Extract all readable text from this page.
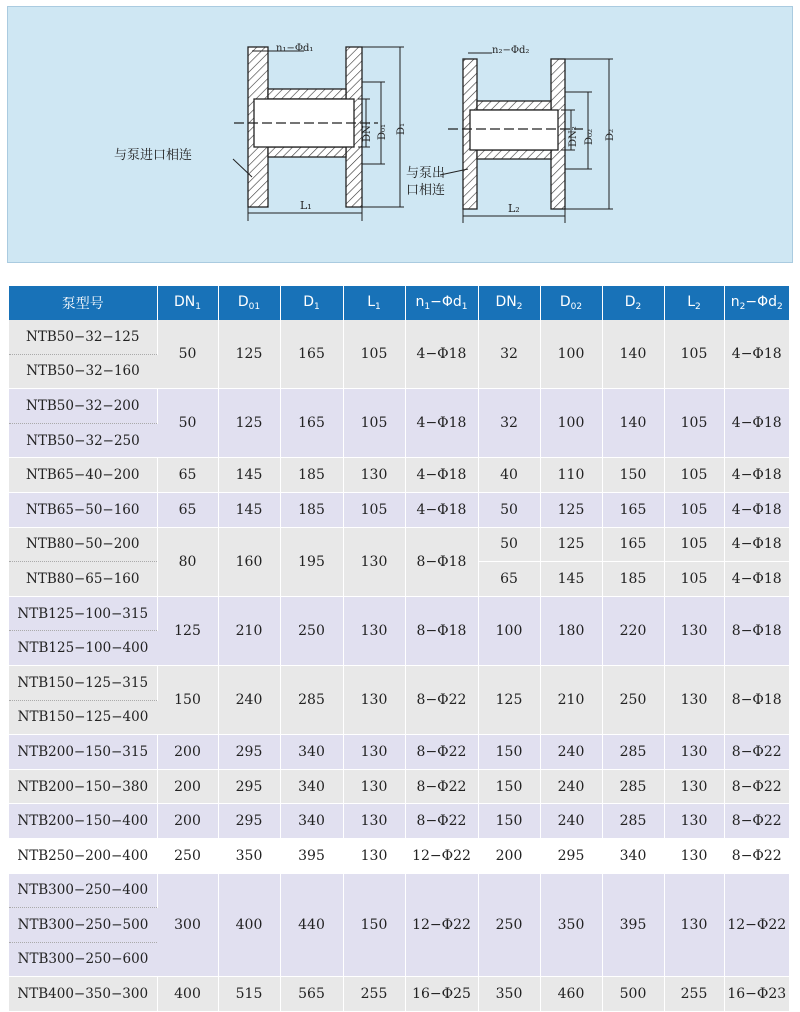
n₁−Φd₁	n₂−Φd₂
与泵进口相连
与泵出
口相连
DN₁ D₀₁ D₁	DN₂ D₀₂ D₂
L₁	L₂
泵型号	$DN_1$	$D_{01}$	$D_1$	$L_1$	$n_1-\Phi d_1$	$DN_2$	$D_{02}$	$D_2$	$L_2$	$n_2-\Phi d_2$
NTB50−32−125	50	125	165	105	4−Φ18	32	100	140	105	4−Φ18
NTB50−32−160										
NTB50−32−200	50	125	165	105	4−Φ18	32	100	140	105	4−Φ18
NTB50−32−250										
NTB65−40−200	65	145	185	130	4−Φ18	40	110	150	105	4−Φ18
NTB65−50−160	65	145	185	105	4−Φ18	50	125	165	105	4−Φ18
NTB80−50−200	80	160	195	130	8−Φ18	50	125	165	105	4−Φ18
NTB80−65−160						65	145	185	105	4−Φ18
NTB125−100−315	125	210	250	130	8−Φ18	100	180	220	130	8−Φ18
NTB125−100−400										
NTB150−125−315	150	240	285	130	8−Φ22	125	210	250	130	8−Φ18
NTB150−125−400										
NTB200−150−315	200	295	340	130	8−Φ22	150	240	285	130	8−Φ22
NTB200−150−380	200	295	340	130	8−Φ22	150	240	285	130	8−Φ22
NTB200−150−400	200	295	340	130	8−Φ22	150	240	285	130	8−Φ22
NTB250−200−400	250	350	395	130	12−Φ22	200	295	340	130	8−Φ22
NTB300−250−400	300	400	440	150	12−Φ22	250	350	395	130	12−Φ22
NTB300−250−500										
NTB300−250−600										
NTB400−350−300	400	515	565	255	16−Φ25	350	460	500	255	16−Φ23
